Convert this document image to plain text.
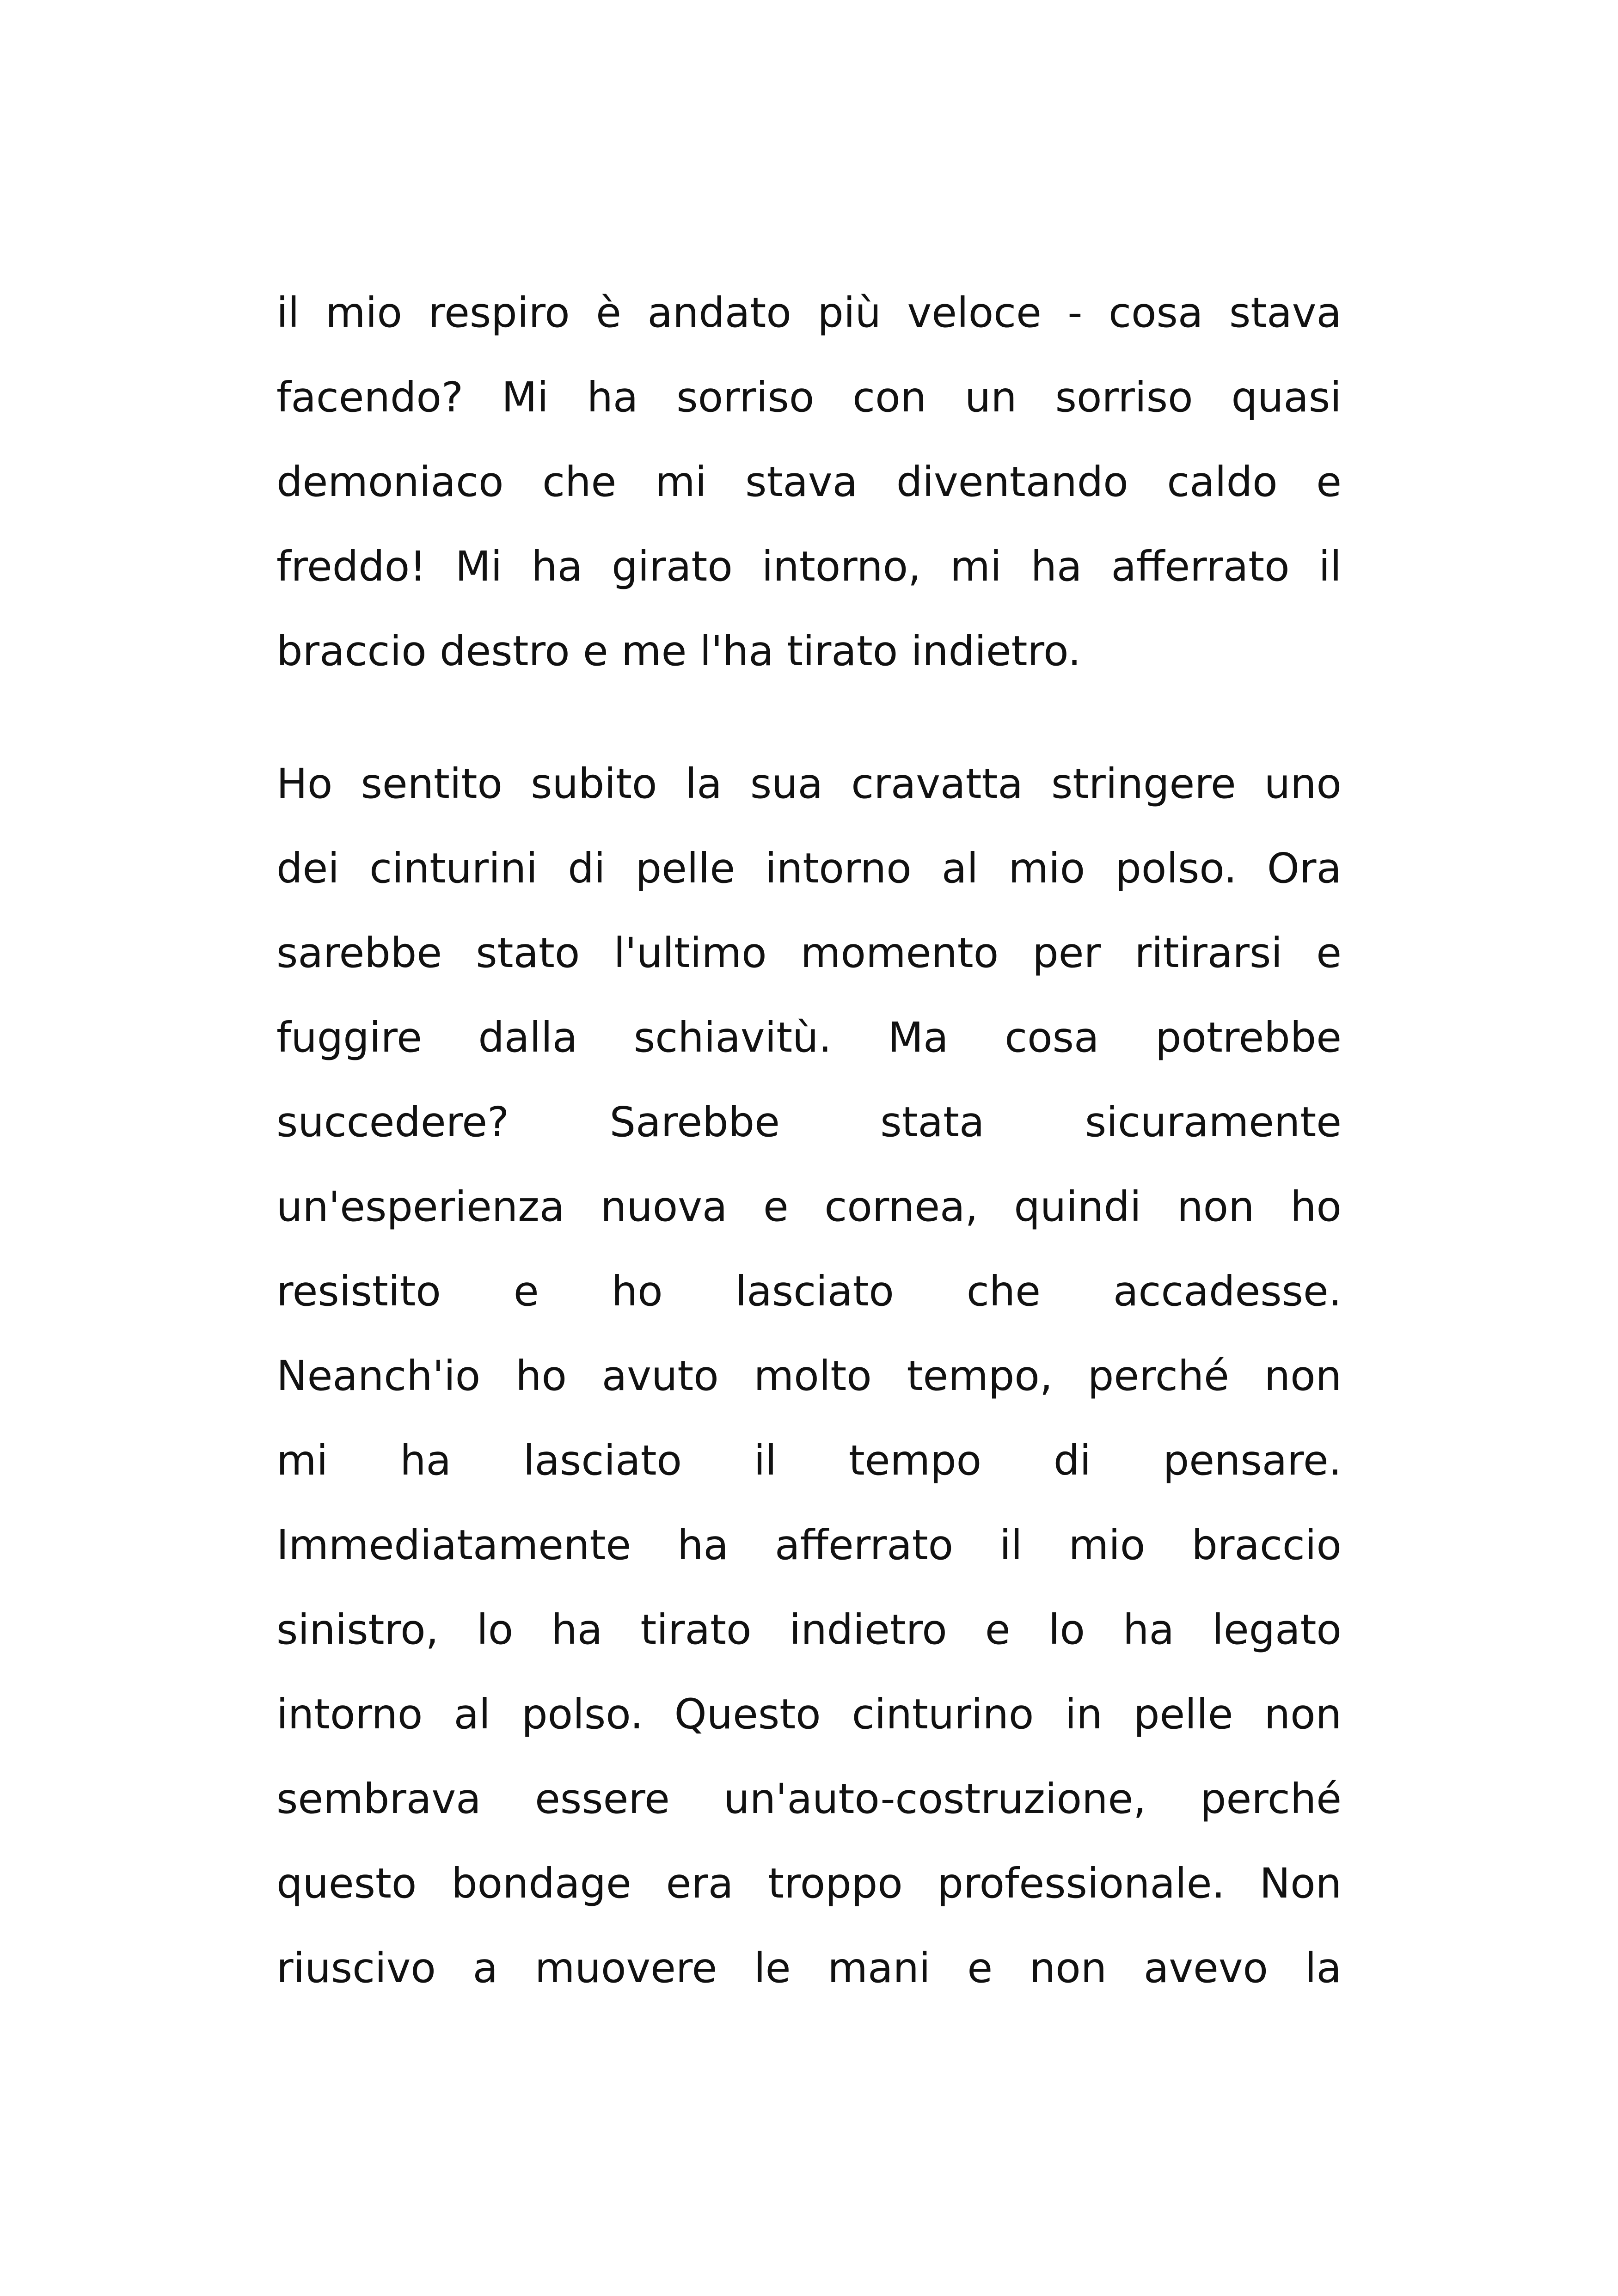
il mio respiro è andato più veloce - cosa stava
facendo? Mi ha sorriso con un sorriso quasi
demoniaco che mi stava diventando caldo e
freddo! Mi ha girato intorno, mi ha afferrato il
braccio destro e me l'ha tirato indietro.
Ho sentito subito la sua cravatta stringere uno
dei cinturini di pelle intorno al mio polso. Ora
sarebbe stato l'ultimo momento per ritirarsi e
fuggire dalla schiavitù. Ma cosa potrebbe
succedere? Sarebbe stata sicuramente
un'esperienza nuova e cornea, quindi non ho
resistito e ho lasciato che accadesse.
Neanch'io ho avuto molto tempo, perché non
mi ha lasciato il tempo di pensare.
Immediatamente ha afferrato il mio braccio
sinistro, lo ha tirato indietro e lo ha legato
intorno al polso. Questo cinturino in pelle non
sembrava essere un'auto-costruzione, perché
questo bondage era troppo professionale. Non
riuscivo a muovere le mani e non avevo la
